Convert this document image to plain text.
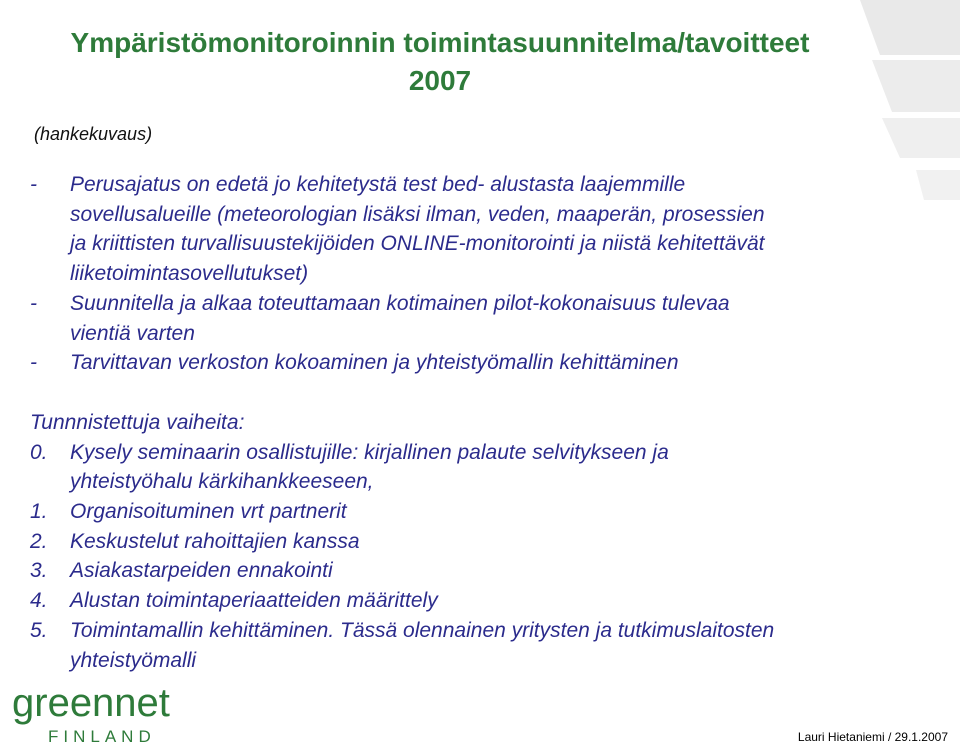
Ympäristömonitoroinnin toimintasuunnitelma/tavoitteet
2007
(hankekuvaus)
- Perusajatus on edetä jo kehitetystä test bed- alustasta laajemmille
sovellusalueille (meteorologian lisäksi ilman, veden, maaperän, prosessien
ja kriittisten turvallisuustekijöiden ONLINE-monitorointi ja niistä kehitettävät
liiketoimintasovellutukset)
- Suunnitella ja alkaa toteuttamaan kotimainen pilot-kokonaisuus tulevaa
vientiä varten
- Tarvittavan verkoston kokoaminen ja yhteistyömallin kehittäminen
Tunnnistettuja vaiheita:
0. Kysely seminaarin osallistujille: kirjallinen palaute selvitykseen ja
yhteistyöhalu kärkihankkeeseen,
1. Organisoituminen vrt partnerit
2. Keskustelut rahoittajien kanssa
3. Asiakastarpeiden ennakointi
4. Alustan toimintaperiaatteiden määrittely
5. Toimintamallin kehittäminen. Tässä olennainen yritysten ja tutkimuslaitosten
yhteistyömalli
greennet
FINLAND	Lauri Hietaniemi / 29.1.2007
